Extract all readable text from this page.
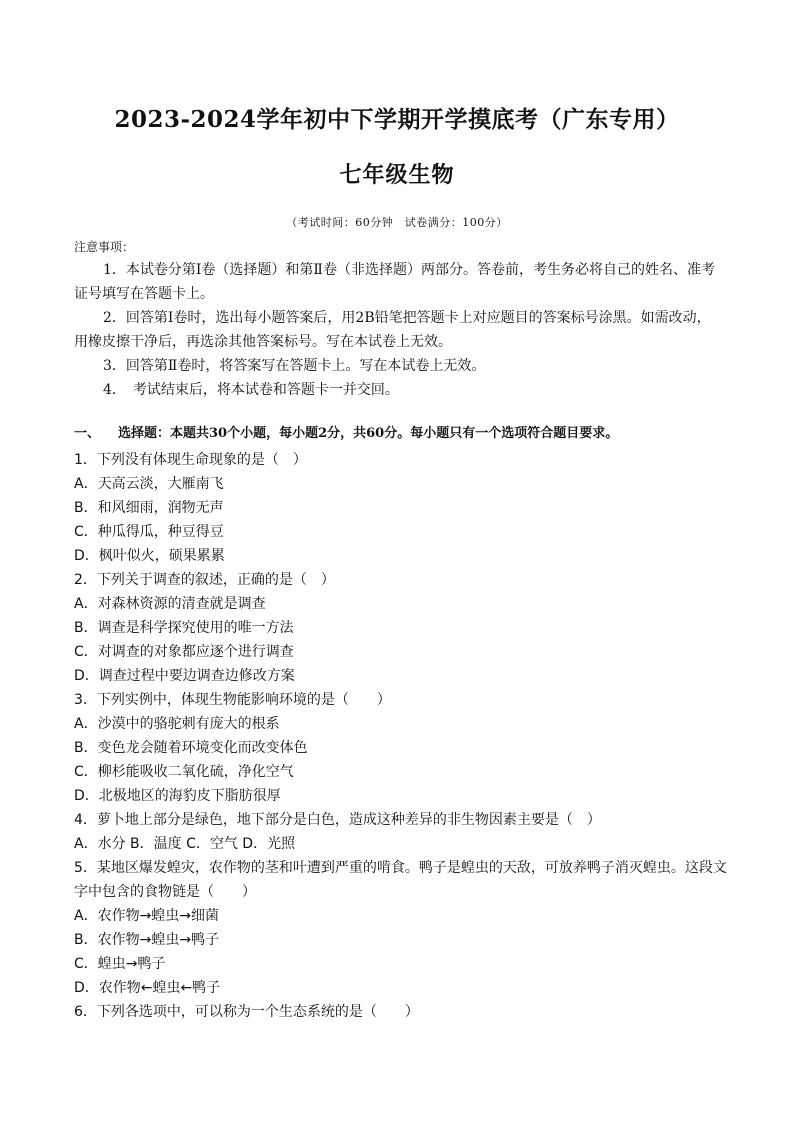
2023-2024学年初中下学期开学摸底考（广东专用）
七年级生物
（考试时间：60分钟　试卷满分：100分）
注意事项：
1．本试卷分第Ⅰ卷（选择题）和第Ⅱ卷（非选择题）两部分。答卷前，考生务必将自己的姓名、准考
证号填写在答题卡上。
2．回答第Ⅰ卷时，选出每小题答案后，用2B铅笔把答题卡上对应题目的答案标号涂黑。如需改动，
用橡皮擦干净后，再选涂其他答案标号。写在本试卷上无效。
3．回答第Ⅱ卷时，将答案写在答题卡上。写在本试卷上无效。
4．　考试结束后，将本试卷和答题卡一并交回。
一、 选择题：本题共30个小题，每小题2分，共60分。每小题只有一个选项符合题目要求。
1．下列没有体现生命现象的是（　）
A．天高云淡，大雁南飞
B．和风细雨，润物无声
C．种瓜得瓜，种豆得豆
D．枫叶似火，硕果累累
2．下列关于调查的叙述，正确的是（　）
A．对森林资源的清查就是调查
B．调查是科学探究使用的唯一方法
C．对调查的对象都应逐个进行调查
D．调查过程中要边调查边修改方案
3．下列实例中，体现生物能影响环境的是（　　）
A．沙漠中的骆驼刺有庞大的根系
B．变色龙会随着环境变化而改变体色
C．柳杉能吸收二氧化硫，净化空气
D．北极地区的海豹皮下脂肪很厚
4．萝卜地上部分是绿色，地下部分是白色，造成这种差异的非生物因素主要是（　）
A．水分 B．温度 C．空气 D．光照
5．某地区爆发蝗灾，农作物的茎和叶遭到严重的啃食。鸭子是蝗虫的天敌，可放养鸭子消灭蝗虫。这段文
字中包含的食物链是（　　）
A．农作物→蝗虫→细菌
B．农作物→蝗虫→鸭子
C．蝗虫→鸭子
D．农作物←蝗虫←鸭子
6．下列各选项中，可以称为一个生态系统的是（　　）
